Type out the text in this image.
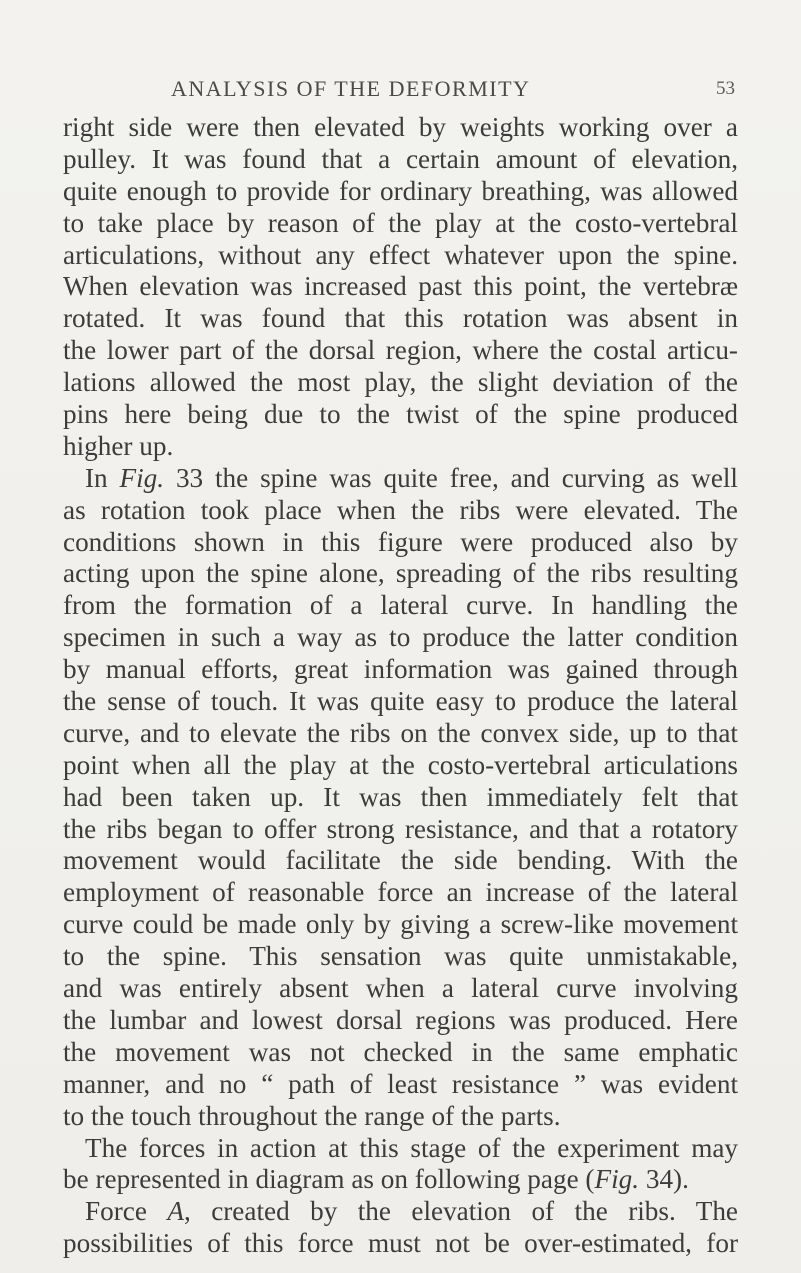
ANALYSIS OF THE DEFORMITY	53
right side were then elevated by weights working over a
pulley. It was found that a certain amount of elevation,
quite enough to provide for ordinary breathing, was allowed
to take place by reason of the play at the costo-vertebral
articulations, without any effect whatever upon the spine.
When elevation was increased past this point, the vertebræ
rotated. It was found that this rotation was absent in
the lower part of the dorsal region, where the costal articu-
lations allowed the most play, the slight deviation of the
pins here being due to the twist of the spine produced
higher up.
In Fig. 33 the spine was quite free, and curving as well
as rotation took place when the ribs were elevated. The
conditions shown in this figure were produced also by
acting upon the spine alone, spreading of the ribs resulting
from the formation of a lateral curve. In handling the
specimen in such a way as to produce the latter condition
by manual efforts, great information was gained through
the sense of touch. It was quite easy to produce the lateral
curve, and to elevate the ribs on the convex side, up to that
point when all the play at the costo-vertebral articulations
had been taken up. It was then immediately felt that
the ribs began to offer strong resistance, and that a rotatory
movement would facilitate the side bending. With the
employment of reasonable force an increase of the lateral
curve could be made only by giving a screw-like movement
to the spine. This sensation was quite unmistakable,
and was entirely absent when a lateral curve involving
the lumbar and lowest dorsal regions was produced. Here
the movement was not checked in the same emphatic
manner, and no “ path of least resistance ” was evident
to the touch throughout the range of the parts.
The forces in action at this stage of the experiment may
be represented in diagram as on following page (Fig. 34).
Force A, created by the elevation of the ribs. The
possibilities of this force must not be over-estimated, for
